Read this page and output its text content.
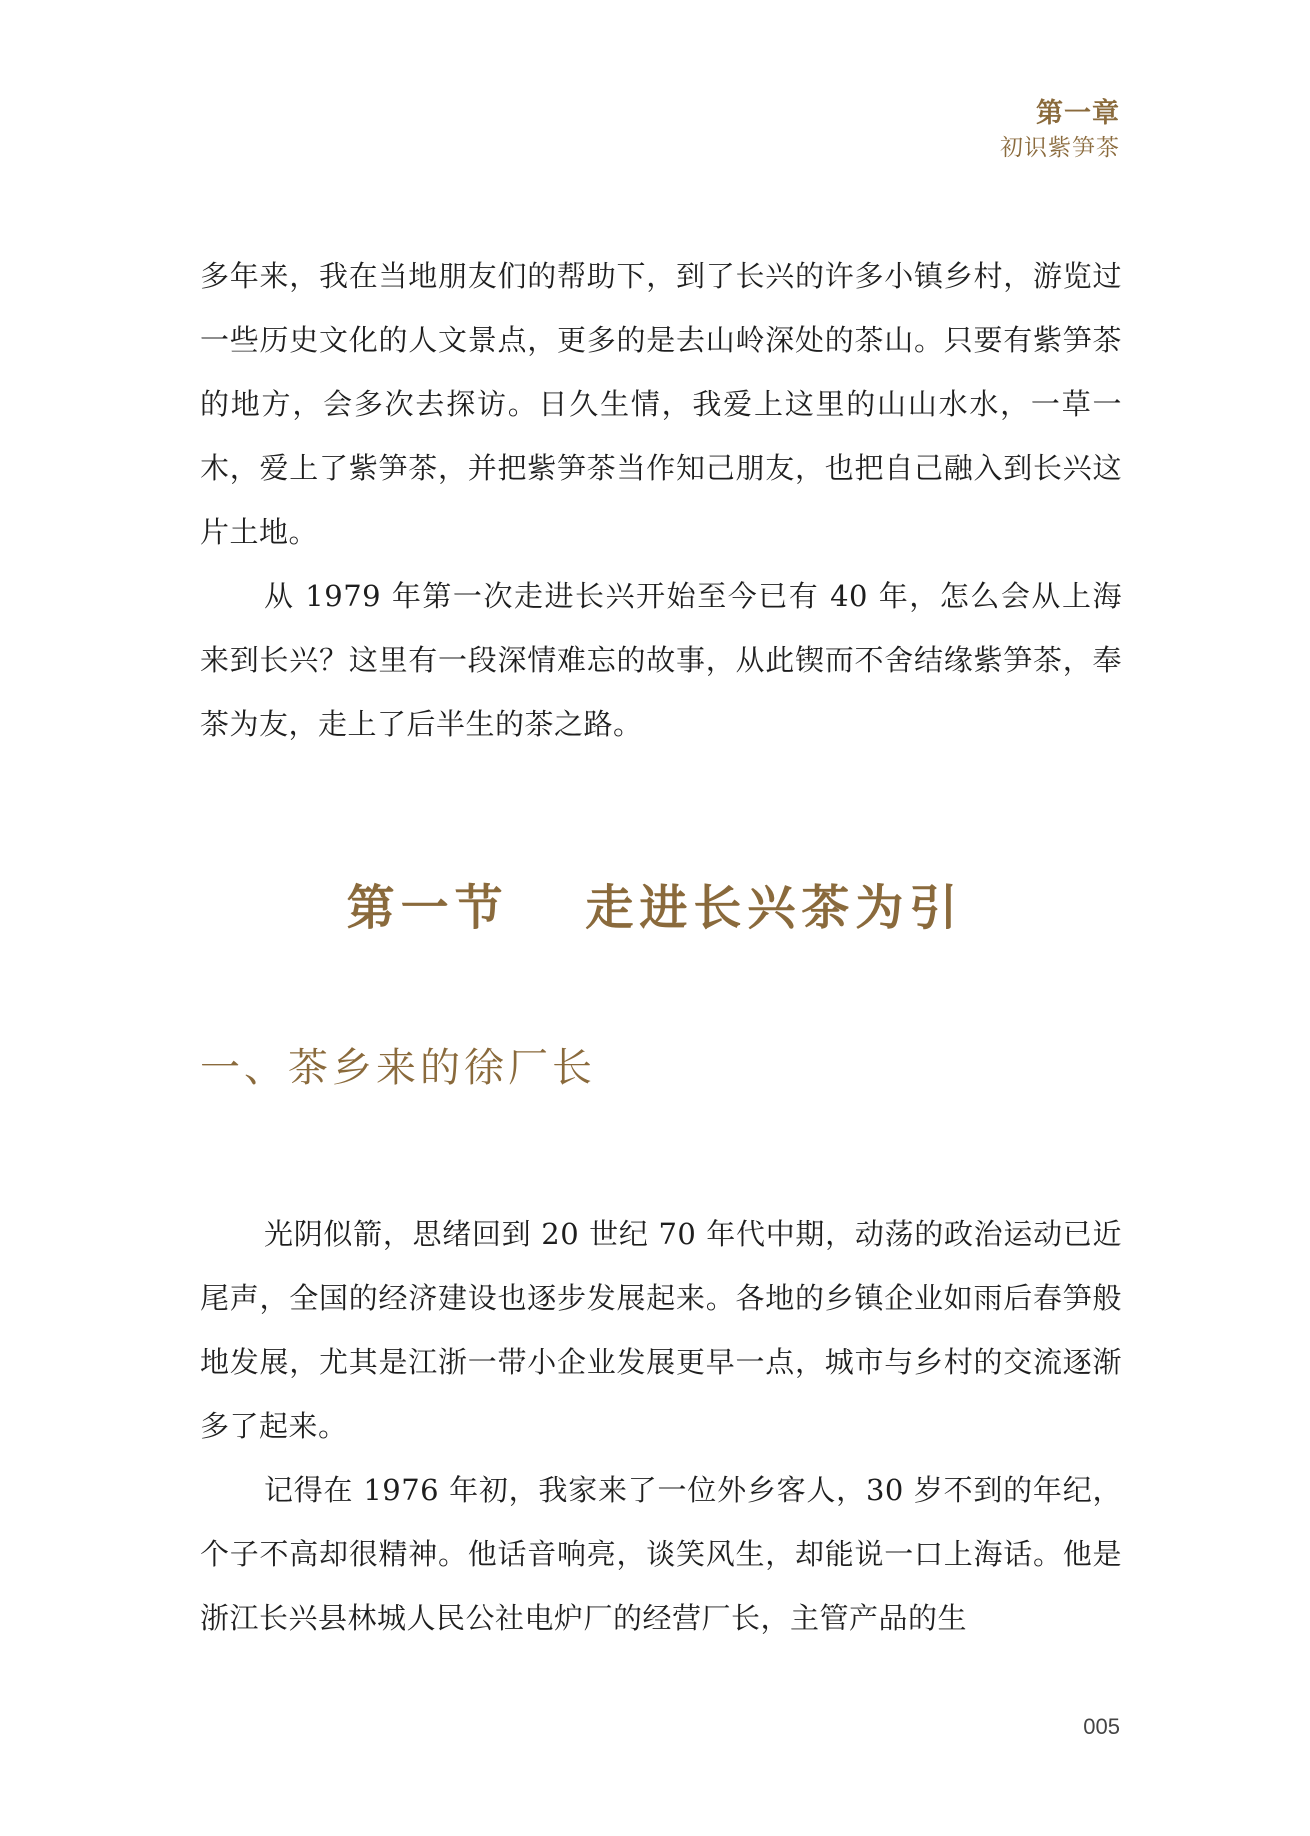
第一章
初识紫笋茶

多年来，我在当地朋友们的帮助下，到了长兴的许多小镇乡村，游览过一些历史文化的人文景点，更多的是去山岭深处的茶山。只要有紫笋茶的地方，会多次去探访。日久生情，我爱上这里的山山水水，一草一木，爱上了紫笋茶，并把紫笋茶当作知己朋友，也把自己融入到长兴这片土地。

从 1979 年第一次走进长兴开始至今已有 40 年，怎么会从上海来到长兴？这里有一段深情难忘的故事，从此锲而不舍结缘紫笋茶，奉茶为友，走上了后半生的茶之路。

第一节　 走进长兴茶为引
一、茶乡来的徐厂长

光阴似箭，思绪回到 20 世纪 70 年代中期，动荡的政治运动已近尾声，全国的经济建设也逐步发展起来。各地的乡镇企业如雨后春笋般地发展，尤其是江浙一带小企业发展更早一点，城市与乡村的交流逐渐多了起来。

记得在 1976 年初，我家来了一位外乡客人，30 岁不到的年纪，个子不高却很精神。他话音响亮，谈笑风生，却能说一口上海话。他是浙江长兴县林城人民公社电炉厂的经营厂长，主管产品的生

005
